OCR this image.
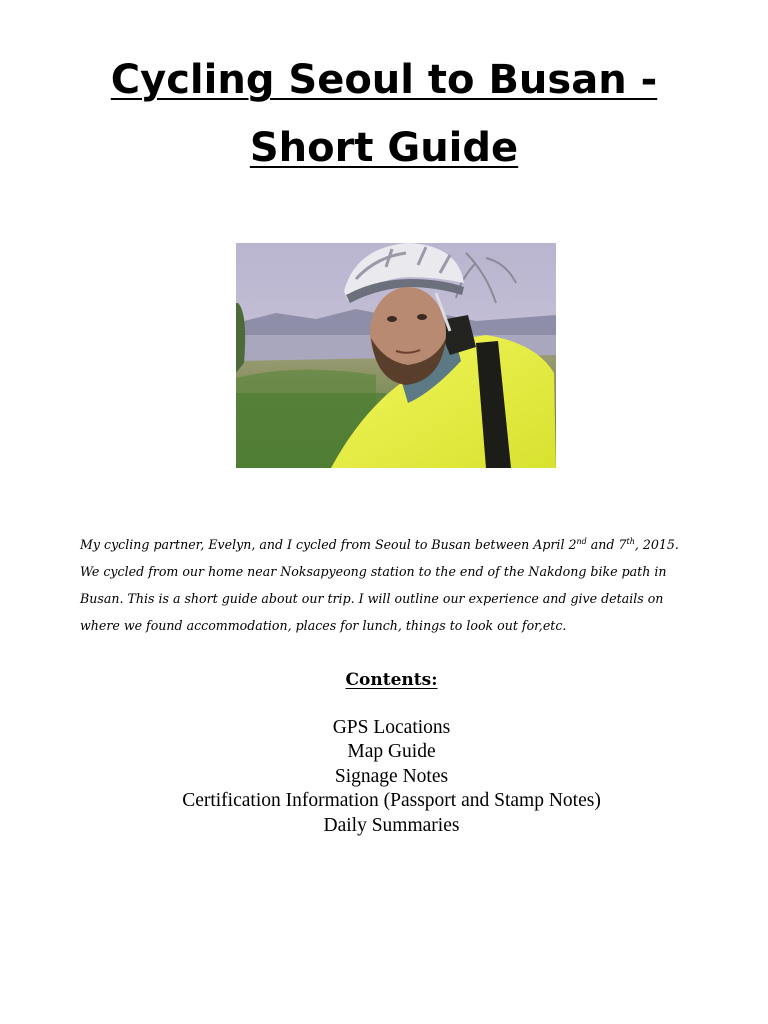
Cycling Seoul to Busan -
Short Guide

My cycling partner, Evelyn, and I cycled from Seoul to Busan between April 2nd and 7th, 2015. We cycled from our home near Noksapyeong station to the end of the Nakdong bike path in Busan. This is a short guide about our trip. I will outline our experience and give details on where we found accommodation, places for lunch, things to look out for,etc.

Contents:
GPS Locations
Map Guide
Signage Notes
Certification Information (Passport and Stamp Notes)
Daily Summaries
